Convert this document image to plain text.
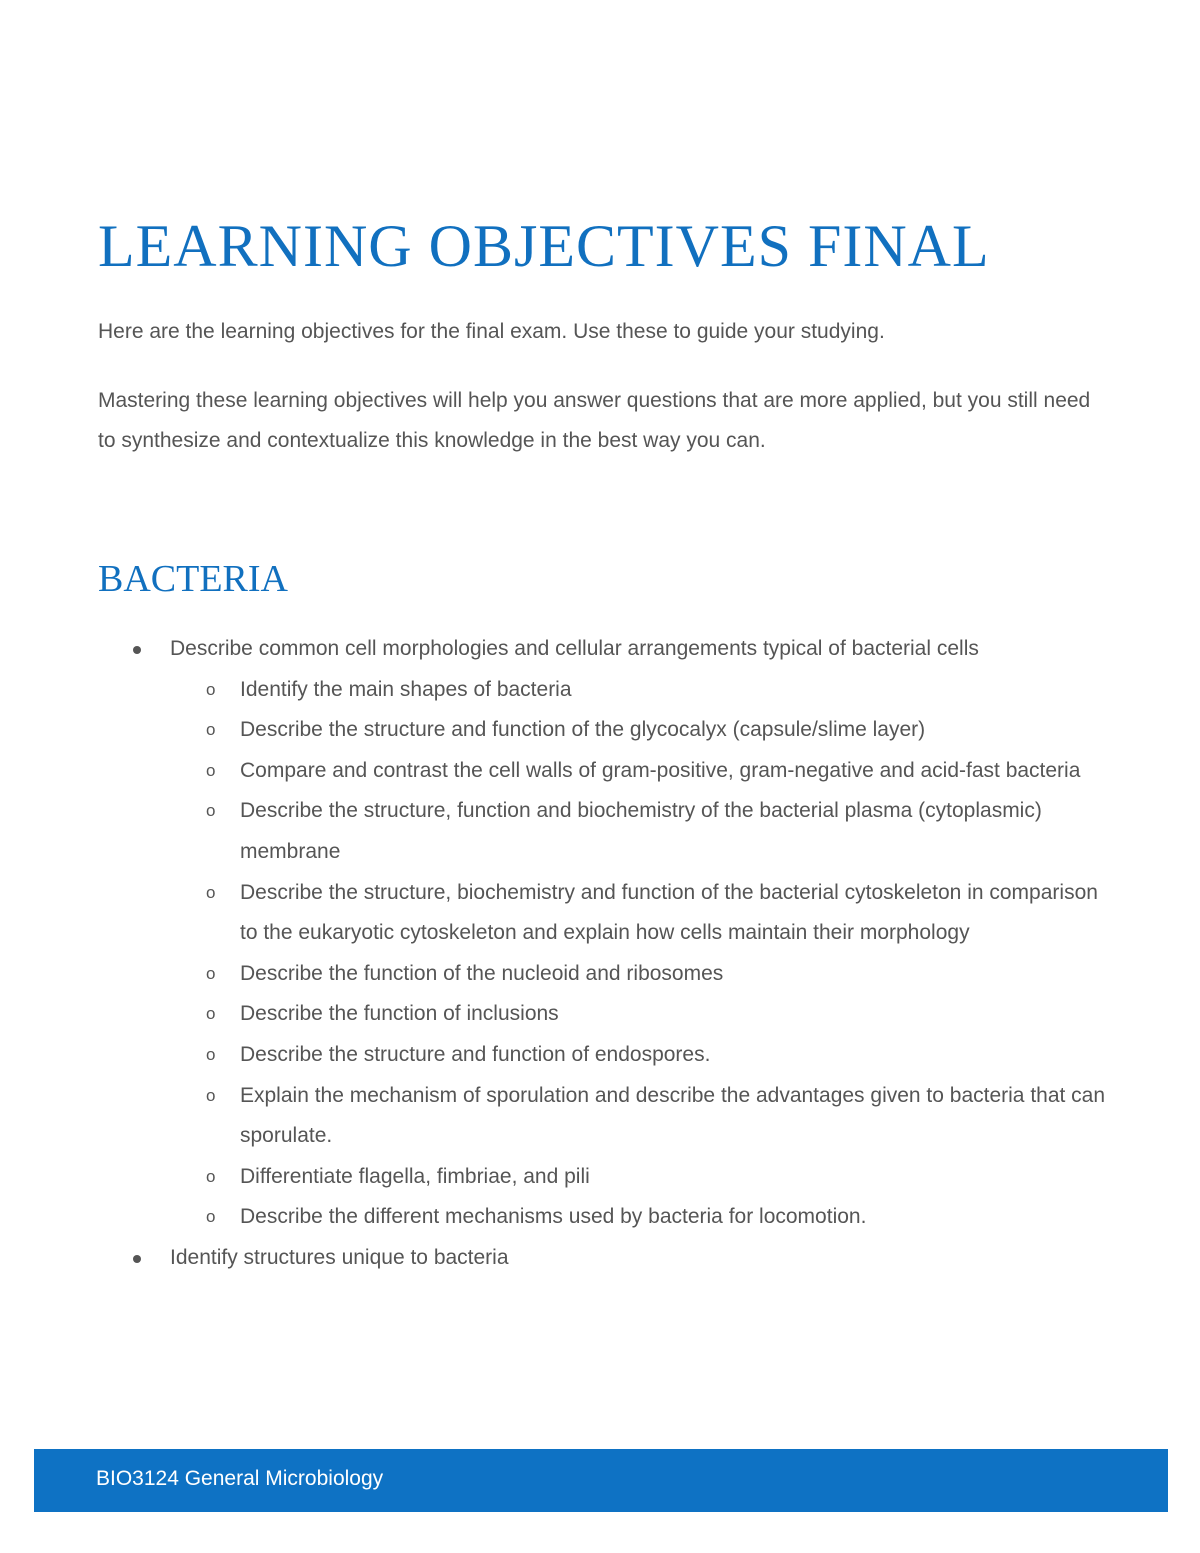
LEARNING OBJECTIVES FINAL

Here are the learning objectives for the final exam. Use these to guide your studying.

Mastering these learning objectives will help you answer questions that are more applied, but you still need to synthesize and contextualize this knowledge in the best way you can.

BACTERIA
Describe common cell morphologies and cellular arrangements typical of bacterial cells
o Identify the main shapes of bacteria
o Describe the structure and function of the glycocalyx (capsule/slime layer)
o Compare and contrast the cell walls of gram-positive, gram-negative and acid-fast bacteria
o Describe the structure, function and biochemistry of the bacterial plasma (cytoplasmic) membrane
o Describe the structure, biochemistry and function of the bacterial cytoskeleton in comparison to the eukaryotic cytoskeleton and explain how cells maintain their morphology
o Describe the function of the nucleoid and ribosomes
o Describe the function of inclusions
o Describe the structure and function of endospores.
o Explain the mechanism of sporulation and describe the advantages given to bacteria that can sporulate.
o Differentiate flagella, fimbriae, and pili
o Describe the different mechanisms used by bacteria for locomotion.
Identify structures unique to bacteria
BIO3124 General Microbiology
